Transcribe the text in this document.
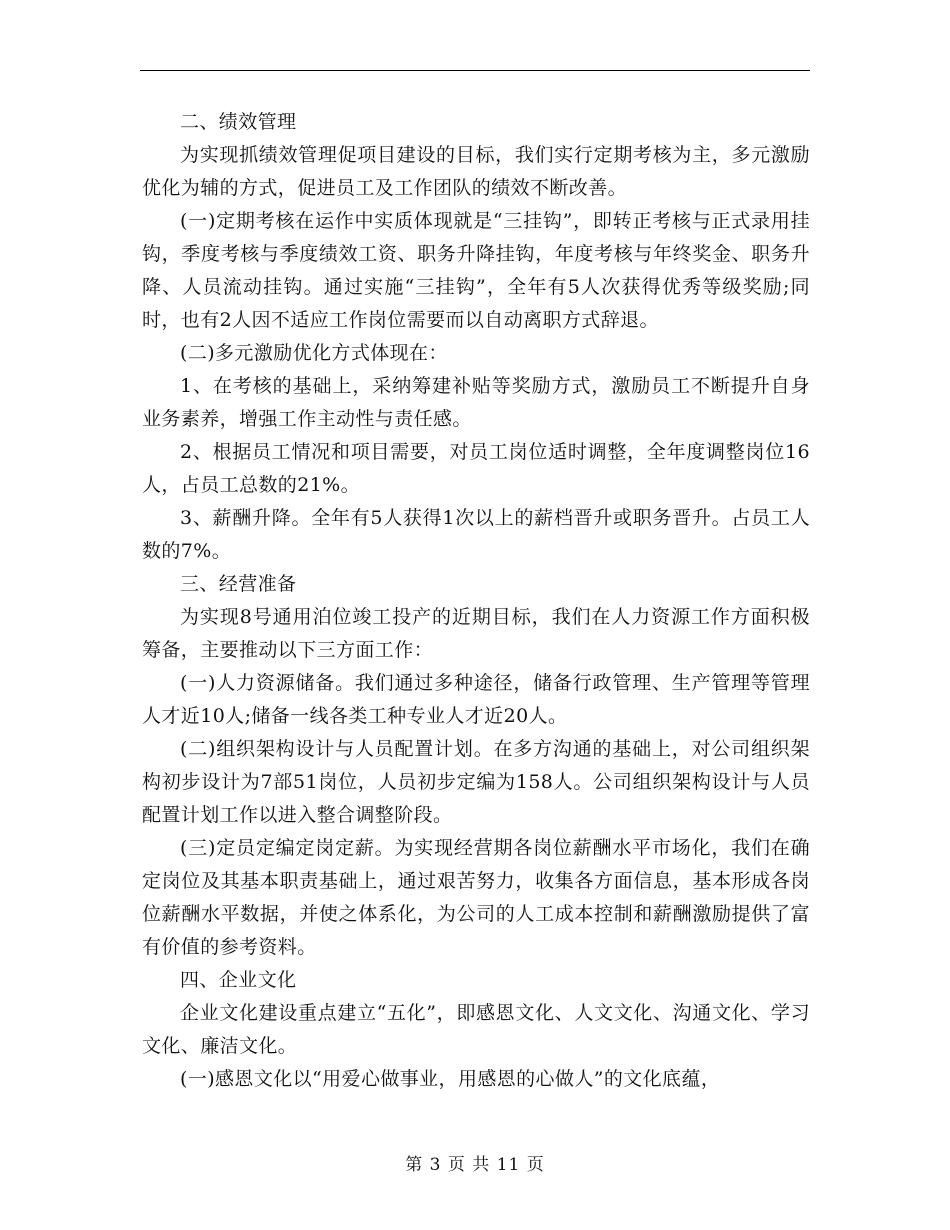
二、绩效管理

为实现抓绩效管理促项目建设的目标，我们实行定期考核为主，多元激励优化为辅的方式，促进员工及工作团队的绩效不断改善。

(一)定期考核在运作中实质体现就是“三挂钩”，即转正考核与正式录用挂钩，季度考核与季度绩效工资、职务升降挂钩，年度考核与年终奖金、职务升降、人员流动挂钩。通过实施“三挂钩”，全年有5人次获得优秀等级奖励;同时，也有2人因不适应工作岗位需要而以自动离职方式辞退。

(二)多元激励优化方式体现在：

1、在考核的基础上，采纳筹建补贴等奖励方式，激励员工不断提升自身业务素养，增强工作主动性与责任感。

2、根据员工情况和项目需要，对员工岗位适时调整，全年度调整岗位16人，占员工总数的21%。

3、薪酬升降。全年有5人获得1次以上的薪档晋升或职务晋升。占员工人数的7%。

三、经营准备

为实现8号通用泊位竣工投产的近期目标，我们在人力资源工作方面积极筹备，主要推动以下三方面工作：

(一)人力资源储备。我们通过多种途径，储备行政管理、生产管理等管理人才近10人;储备一线各类工种专业人才近20人。

(二)组织架构设计与人员配置计划。在多方沟通的基础上，对公司组织架构初步设计为7部51岗位，人员初步定编为158人。公司组织架构设计与人员配置计划工作以进入整合调整阶段。

(三)定员定编定岗定薪。为实现经营期各岗位薪酬水平市场化，我们在确定岗位及其基本职责基础上，通过艰苦努力，收集各方面信息，基本形成各岗位薪酬水平数据，并使之体系化，为公司的人工成本控制和薪酬激励提供了富有价值的参考资料。

四、企业文化

企业文化建设重点建立“五化”，即感恩文化、人文文化、沟通文化、学习文化、廉洁文化。

(一)感恩文化以“用爱心做事业，用感恩的心做人”的文化底蕴，

第 3 页 共 11 页
